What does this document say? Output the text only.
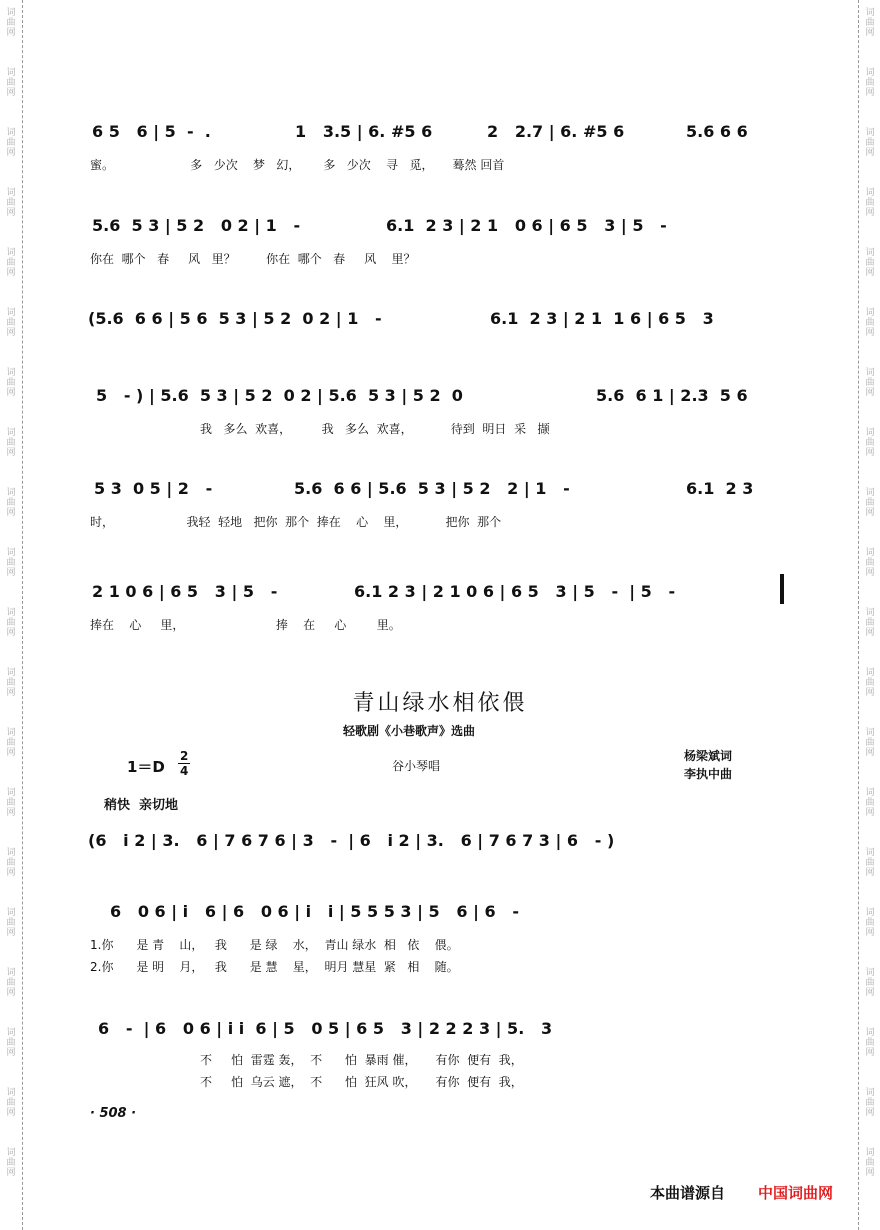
词
曲
网
词
曲
网
词
曲
网
词
曲
网
词
曲
网
词
曲
网
词
曲
网
词
曲
网
词
曲
网
词
曲
网
词
曲
网
词
曲
网
词
曲
网
词
曲
网
词
曲
网
词
曲
网
词
曲
网
词
曲
网
词
曲
网
词
曲
网
词
曲
网
词
曲
网
词
曲
网
词
曲
网
词
曲
网
词
曲
网
词
曲
网
词
曲
网
词
曲
网
词
曲
网
词
曲
网
词
曲
网
词
曲
网
词
曲
网
词
曲
网
词
曲
网
词
曲
网
词
曲
网
词
曲
网
词
曲
网
6 5   6 | 5  -  .	1   3.5 | 6. #5 6	2   2.7 | 6. #5 6	5.6 6 6
蜜。                    多   少次    梦   幻，      多   少次    寻   觅，     蓦然 回首
5.6  5 3 | 5 2   0 2 | 1   -	6.1  2 3 | 2 1   0 6 | 6 5   3 | 5   -
你在  哪个   春     风   里？        你在  哪个   春     风    里？
(5.6  6 6 | 5 6  5 3 | 5 2  0 2 | 1   -	6.1  2 3 | 2 1  1 6 | 6 5   3
5   - ) | 5.6  5 3 | 5 2  0 2 | 5.6  5 3 | 5 2  0	5.6  6 1 | 2.3  5 6
我   多么  欢喜，        我   多么  欢喜，          待到  明日  采   撷
5 3  0 5 | 2   -	5.6  6 6 | 5.6  5 3 | 5 2   2 | 1   -	6.1  2 3
时，                   我轻  轻地   把你  那个  捧在    心    里，          把你  那个
2 1 0 6 | 6 5   3 | 5   -	6.1 2 3 | 2 1 0 6 | 6 5   3 | 5   -  | 5   -
捧在    心     里，                        捧    在     心        里。
青山绿水相依偎
轻歌剧《小巷歌声》选曲
1＝D
2
4	谷小琴唱
杨梁斌词
李执中曲
稍快  亲切地
(6   i 2 | 3.   6 | 7 6 7 6 | 3   -  | 6   i 2 | 3.   6 | 7 6 7 3 | 6   - )
6   0 6 | i   6 | 6   0 6 | i   i | 5 5 5 3 | 5   6 | 6   -
1.你      是 青    山，   我      是 绿    水，  青山 绿水  相   依    偎。
2.你      是 明    月，   我      是 慧    星，  明月 慧星  紧   相    随。
6   -  | 6   0 6 | i i  6 | 5   0 5 | 6 5   3 | 2 2 2 3 | 5.   3
不     怕  雷霆 轰，  不      怕  暴雨 催，     有你  便有  我，
不     怕  乌云 遮，  不      怕  狂风 吹，     有你  便有  我，
· 508 ·
本曲谱源自 中国词曲网
